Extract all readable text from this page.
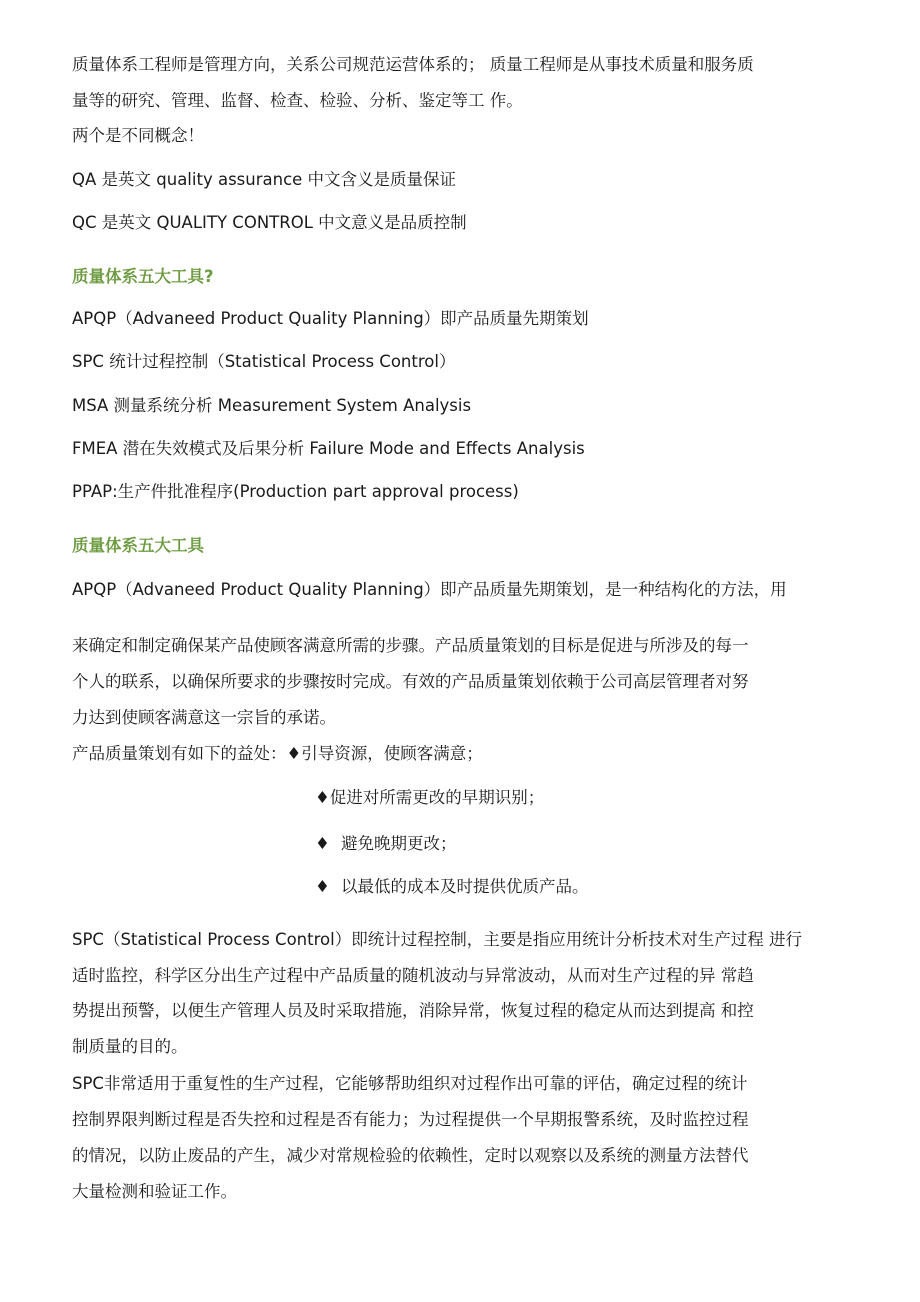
质量体系工程师是管理方向，关系公司规范运营体系的； 质量工程师是从事技术质量和服务质
量等的研究、管理、监督、检查、检验、分析、鉴定等工 作。
两个是不同概念！
QA 是英文 quality assurance 中文含义是质量保证
QC 是英文 QUALITY CONTROL 中文意义是品质控制
质量体系五大工具?
APQP（Advaneed Product Quality Planning）即产品质量先期策划
SPC 统计过程控制（Statistical Process Control）
MSA 测量系统分析 Measurement System Analysis
FMEA 潜在失效模式及后果分析 Failure Mode and Effects Analysis
PPAP:生产件批准程序(Production part approval process)
质量体系五大工具
APQP（Advaneed Product Quality Planning）即产品质量先期策划，是一种结构化的方法，用
来确定和制定确保某产品使顾客满意所需的步骤。产品质量策划的目标是促进与所涉及的每一
个人的联系，以确保所要求的步骤按时完成。有效的产品质量策划依赖于公司高层管理者对努
力达到使顾客满意这一宗旨的承诺。
产品质量策划有如下的益处：♦引导资源，使顾客满意；
♦促进对所需更改的早期识别；
♦ 避免晚期更改；
♦ 以最低的成本及时提供优质产品。
SPC（Statistical Process Control）即统计过程控制，主要是指应用统计分析技术对生产过程 进行
适时监控，科学区分出生产过程中产品质量的随机波动与异常波动，从而对生产过程的异 常趋
势提出预警，以便生产管理人员及时采取措施，消除异常，恢复过程的稳定从而达到提高 和控
制质量的目的。
SPC非常适用于重复性的生产过程，它能够帮助组织对过程作出可靠的评估，确定过程的统计
控制界限判断过程是否失控和过程是否有能力；为过程提供一个早期报警系统，及时监控过程
的情况，以防止废品的产生，减少对常规检验的依赖性，定时以观察以及系统的测量方法替代
大量检测和验证工作。
